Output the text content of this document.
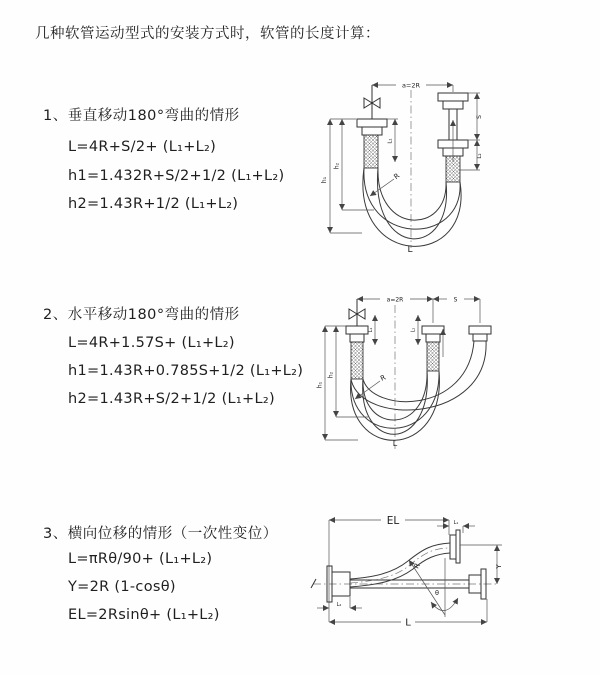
几种软管运动型式的安装方式时，软管的长度计算：
1、垂直移动180°弯曲的情形
L=4R+S/2+ (L₁+L₂)
h1=1.432R+S/2+1/2 (L₁+L₂)
h2=1.43R+1/2 (L₁+L₂)
2、水平移动180°弯曲的情形
L=4R+1.57S+ (L₁+L₂)
h1=1.43R+0.785S+1/2 (L₁+L₂)
h2=1.43R+S/2+1/2 (L₁+L₂)
3、横向位移的情形（一次性变位）
L=πRθ/90+ (L₁+L₂)
Y=2R (1-cosθ)
EL=2Rsinθ+ (L₁+L₂)
a=2R
h₁
h₂
L₁
S
L₂
R
L
a=2R	S
h₁
h₂
L₁	L₂
R
L
EL	L₁
Y
R
θ
L
L₂
